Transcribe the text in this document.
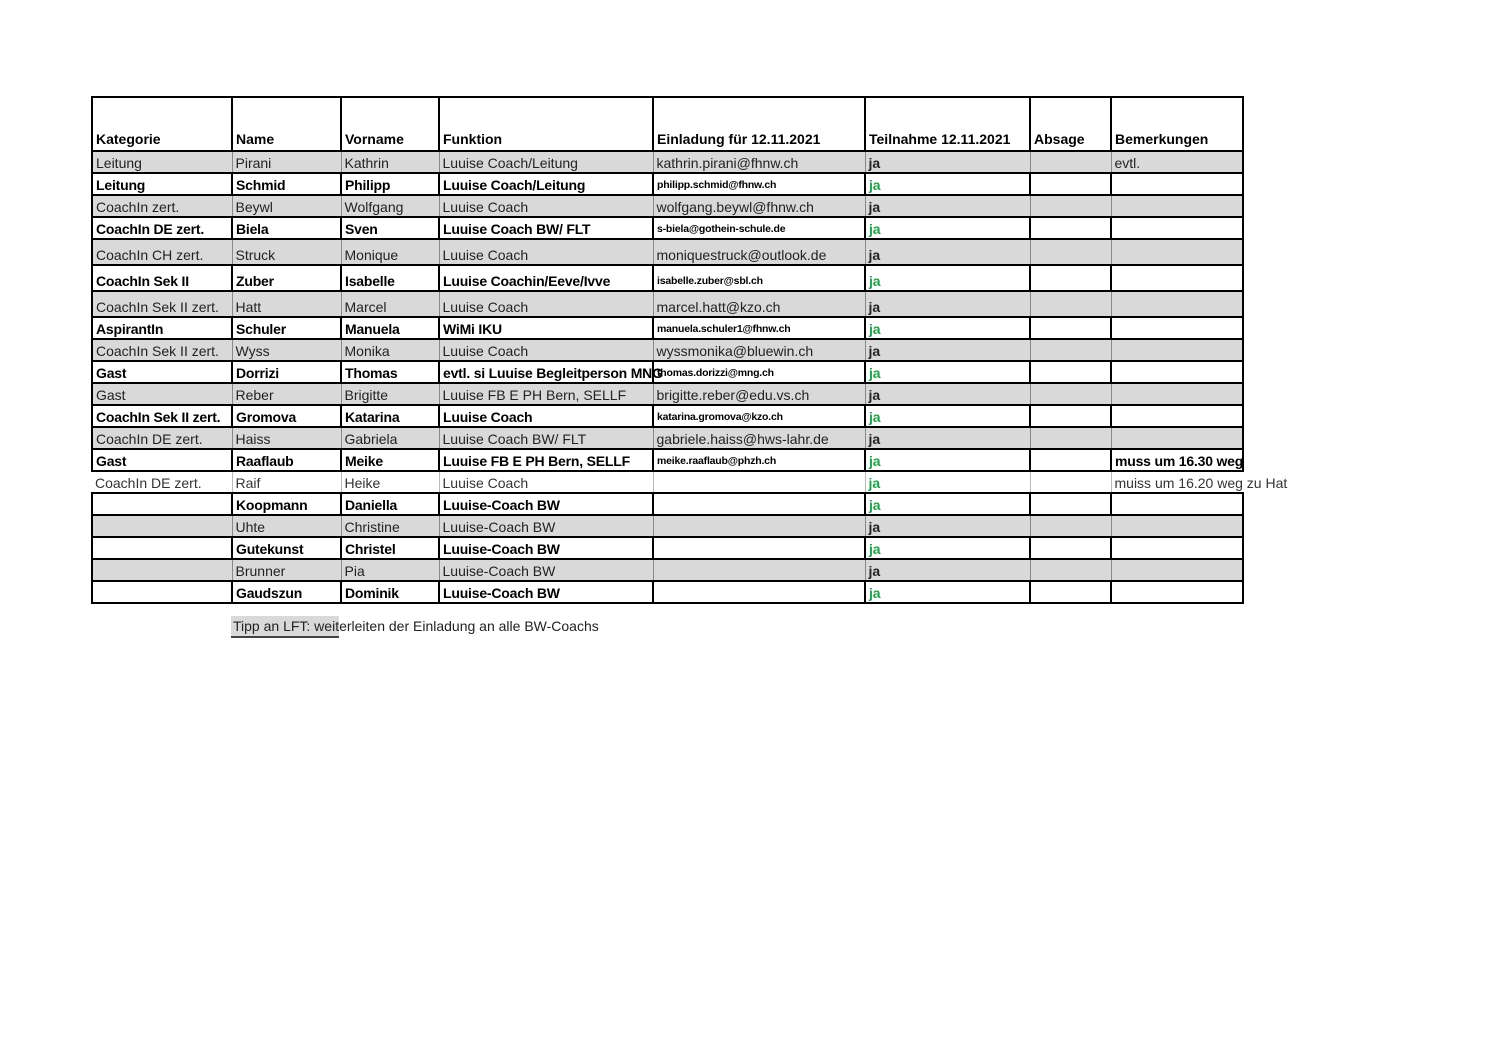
Kategorie	Name	Vorname	Funktion	Einladung für 12.11.2021	Teilnahme 12.11.2021	Absage	Bemerkungen
Leitung	Pirani	Kathrin	Luuise Coach/Leitung	kathrin.pirani@fhnw.ch	ja		evtl.
Leitung	Schmid	Philipp	Luuise Coach/Leitung	philipp.schmid@fhnw.ch	ja		
CoachIn zert.	Beywl	Wolfgang	Luuise Coach	wolfgang.beywl@fhnw.ch	ja		
CoachIn DE zert.	Biela	Sven	Luuise Coach BW/ FLT	s-biela@gothein-schule.de	ja		
CoachIn CH zert.	Struck	Monique	Luuise Coach	moniquestruck@outlook.de	ja		
CoachIn Sek II	Zuber	Isabelle	Luuise Coachin/Eeve/Ivve	isabelle.zuber@sbl.ch	ja		
CoachIn Sek II zert.	Hatt	Marcel	Luuise Coach	marcel.hatt@kzo.ch	ja		
AspirantIn	Schuler	Manuela	WiMi IKU	manuela.schuler1@fhnw.ch	ja		
CoachIn Sek II zert.	Wyss	Monika	Luuise Coach	wyssmonika@bluewin.ch	ja		
Gast	Dorrizi	Thomas	evtl. si Luuise Begleitperson MNG	thomas.dorizzi@mng.ch	ja		
Gast	Reber	Brigitte	Luuise FB E PH Bern, SELLF	brigitte.reber@edu.vs.ch	ja		
CoachIn Sek II zert.	Gromova	Katarina	Luuise Coach	katarina.gromova@kzo.ch	ja		
CoachIn DE zert.	Haiss	Gabriela	Luuise Coach BW/ FLT	gabriele.haiss@hws-lahr.de	ja		
Gast	Raaflaub	Meike	Luuise FB E PH Bern, SELLF	meike.raaflaub@phzh.ch	ja		muss um 16.30 weg
CoachIn DE zert.	Raif	Heike	Luuise Coach		ja		muiss um 16.20 weg zu Hat
	Koopmann	Daniella	Luuise-Coach BW		ja		
	Uhte	Christine	Luuise-Coach BW		ja		
	Gutekunst	Christel	Luuise-Coach BW		ja		
	Brunner	Pia	Luuise-Coach BW		ja		
	Gaudszun	Dominik	Luuise-Coach BW		ja		
Tipp an LFT: weiterleiten der Einladung an alle BW-Coachs
